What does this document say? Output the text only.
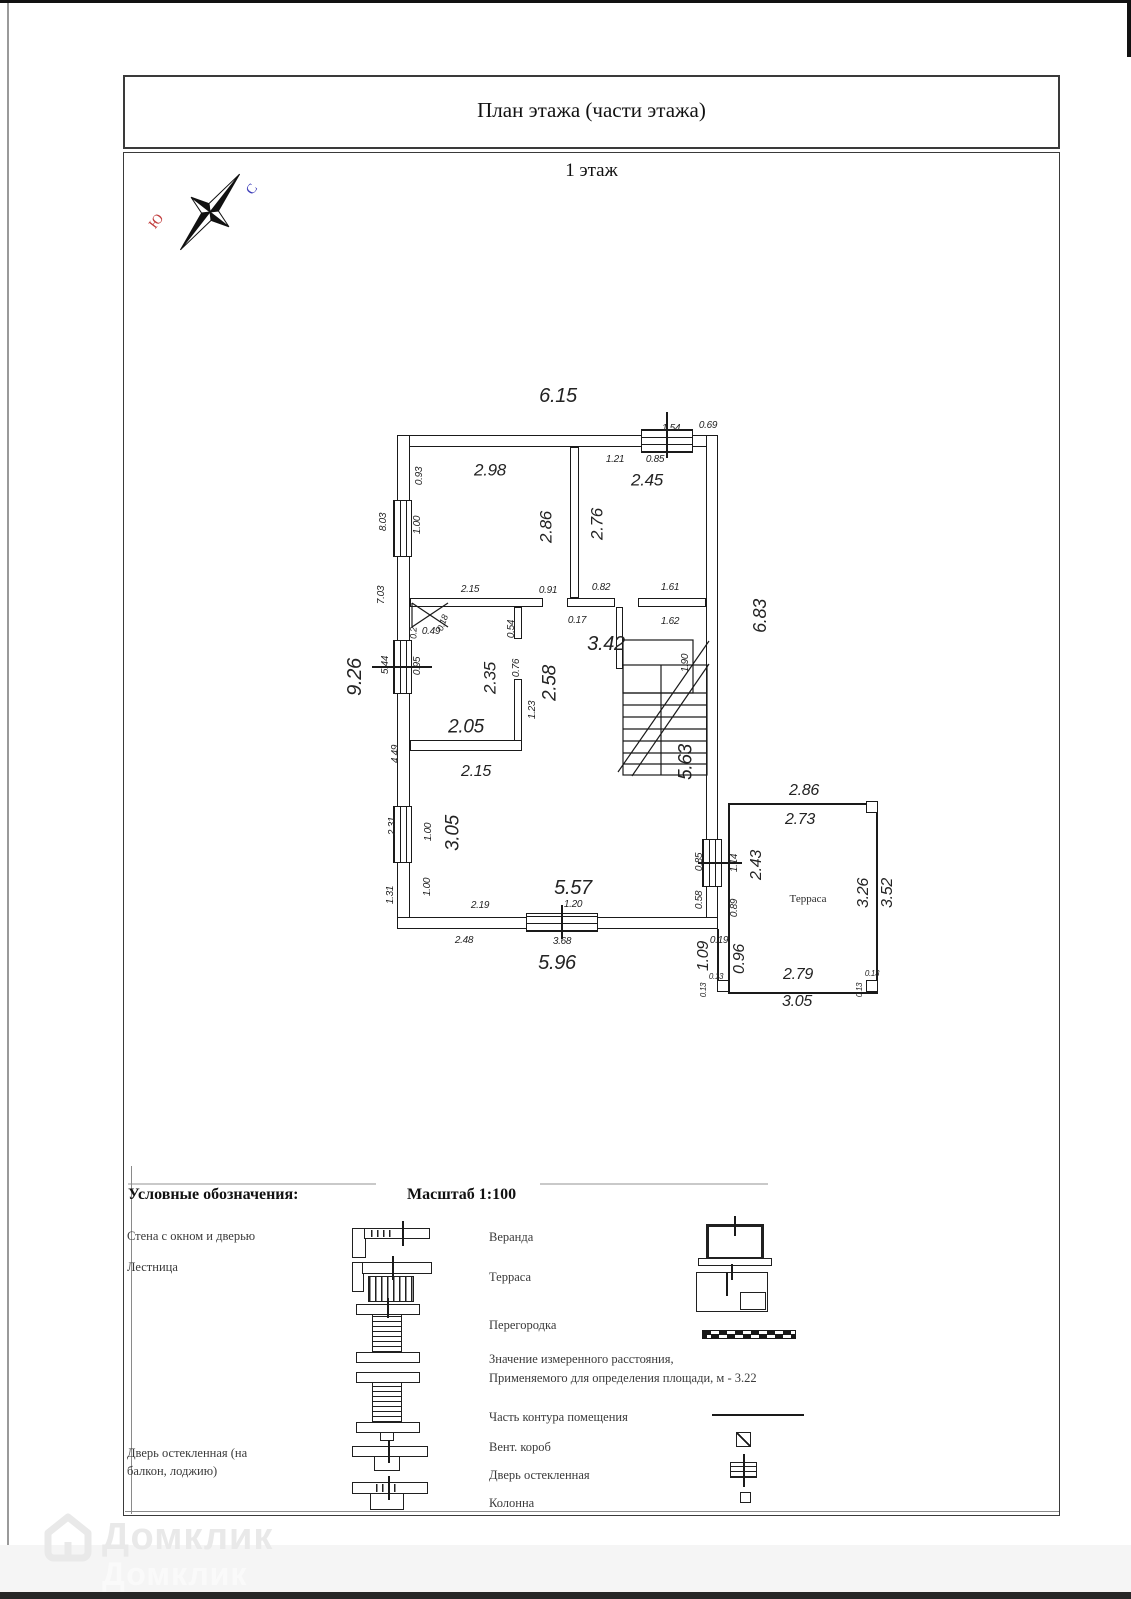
План этажа (части этажа)
1 этаж
С
Ю
6.15
9.26
6.83
2.98
2.45
2.86 2.76
3.42
2.35 2.58
2.05
2.15	5.63
3.05
5.57
5.96
2.86
2.73
2.43
3.26 3.52
1.09 0.96
2.79
3.05
1.54 0.69
0.93
1.21 0.85
8.03 1.00
7.03	2.15	0.91	0.82	1.61
0.17	1.62
0.18
0.49
0.2	0.54
5.44 0.95	0.76	1.90
1.23
4.49
2.31	1.00
1.31	1.00
2.19	1.20
0.85
0.58
1.14
0.89
2.48	3.68	0.19
0.13
0.13
0.13
0.13
Терраса
Условные обозначения:	Масштаб 1:100
Стена с окном и дверью
Лестница
Дверь остекленная (на
балкон, лоджию)
Веранда
Терраса
Перегородка
Значение измеренного расстояния,
Применяемого для определения площади, м - 3.22
Часть контура помещения
Вент. короб
Дверь остекленная
Колонна
Домклик
Домклик
